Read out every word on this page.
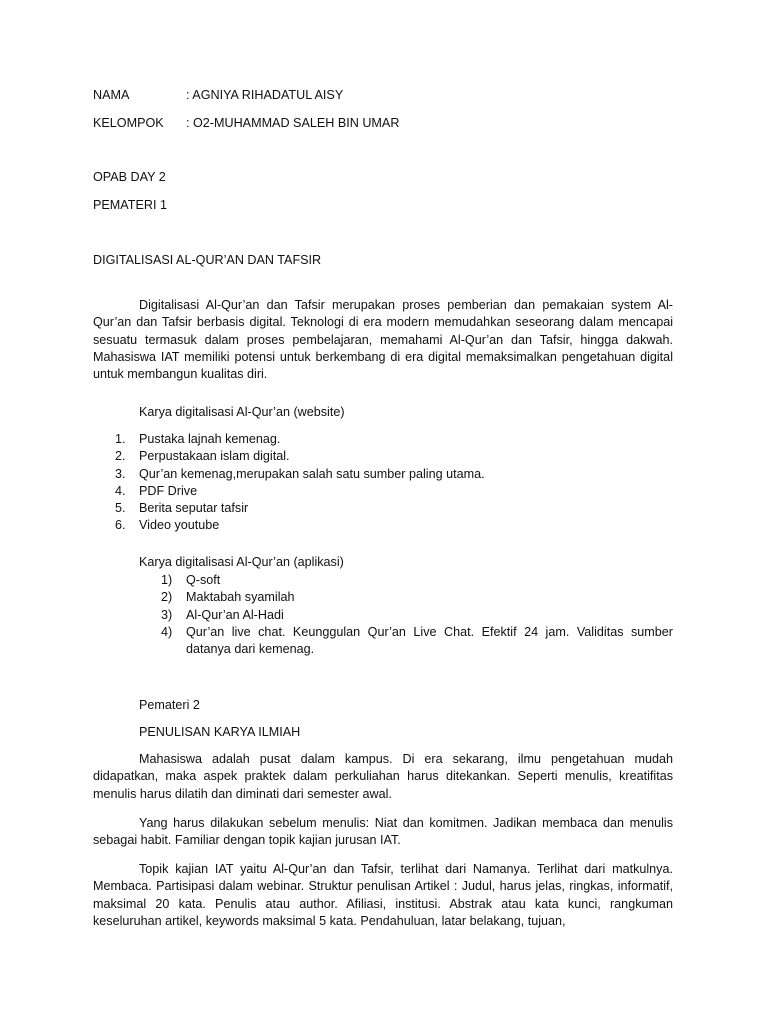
NAMA	: AGNIYA RIHADATUL AISY
KELOMPOK : O2-MUHAMMAD SALEH BIN UMAR
OPAB DAY 2
PEMATERI 1
DIGITALISASI AL-QUR’AN DAN TAFSIR
Digitalisasi Al-Qur’an dan Tafsir merupakan proses pemberian dan pemakaian system Al-Qur’an dan Tafsir berbasis digital. Teknologi di era modern memudahkan seseorang dalam mencapai sesuatu termasuk dalam proses pembelajaran, memahami Al-Qur’an dan Tafsir, hingga dakwah. Mahasiswa IAT memiliki potensi untuk berkembang di era digital memaksimalkan pengetahuan digital untuk membangun kualitas diri.
Karya digitalisasi Al-Qur’an (website)
1. Pustaka lajnah kemenag.
2. Perpustakaan islam digital.
3. Qur’an kemenag,merupakan salah satu sumber paling utama.
4. PDF Drive
5. Berita seputar tafsir
6. Video youtube
Karya digitalisasi Al-Qur’an (aplikasi)
1) Q-soft
2) Maktabah syamilah
3) Al-Qur’an Al-Hadi
4) Qur’an live chat. Keunggulan Qur’an Live Chat. Efektif 24 jam. Validitas sumber datanya dari kemenag.
Pemateri 2
PENULISAN KARYA ILMIAH
Mahasiswa adalah pusat dalam kampus. Di era sekarang, ilmu pengetahuan mudah didapatkan, maka aspek praktek dalam perkuliahan harus ditekankan. Seperti menulis, kreatifitas menulis harus dilatih dan diminati dari semester awal.
Yang harus dilakukan sebelum menulis: Niat dan komitmen. Jadikan membaca dan menulis sebagai habit. Familiar dengan topik kajian jurusan IAT.
Topik kajian IAT yaitu Al-Qur’an dan Tafsir, terlihat dari Namanya. Terlihat dari matkulnya. Membaca. Partisipasi dalam webinar. Struktur penulisan Artikel : Judul, harus jelas, ringkas, informatif, maksimal 20 kata. Penulis atau author. Afiliasi, institusi. Abstrak atau kata kunci, rangkuman keseluruhan artikel, keywords maksimal 5 kata. Pendahuluan, latar belakang, tujuan,
